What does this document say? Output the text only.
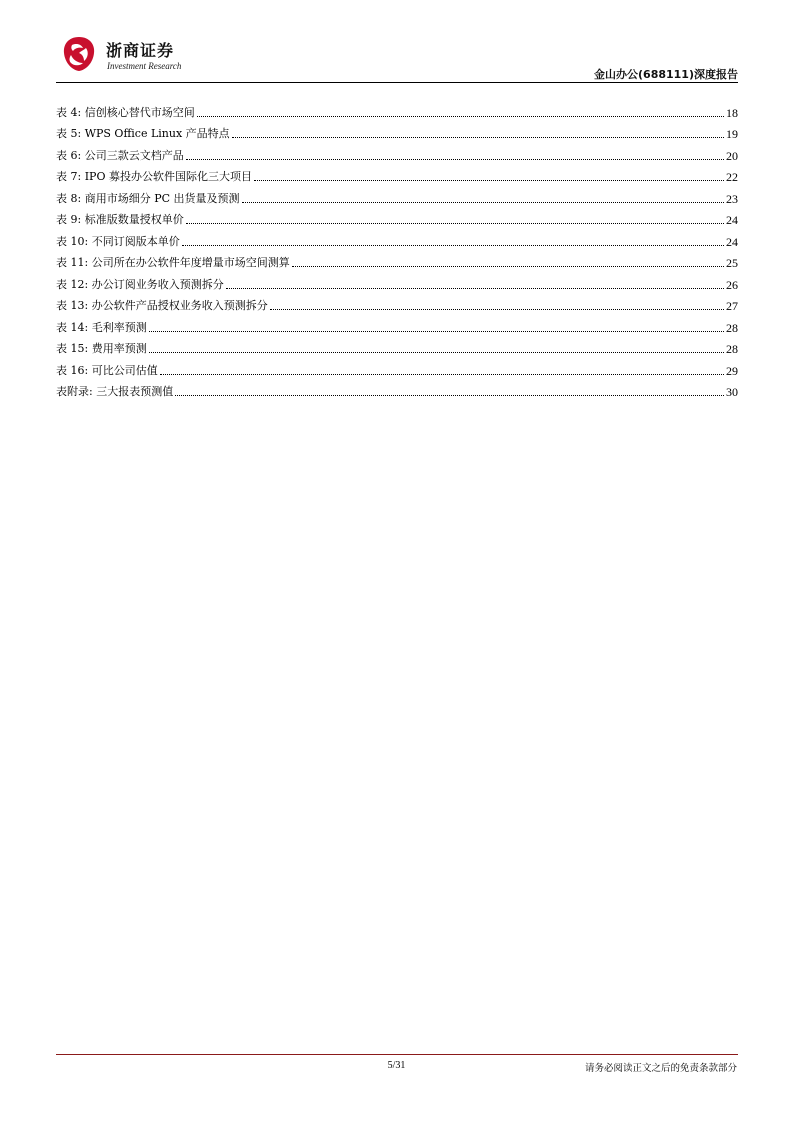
浙商证券
Investment Research
金山办公(688111)深度报告
表 4: 信创核心替代市场空间	18
表 5: WPS Office Linux 产品特点	19
表 6: 公司三款云文档产品	20
表 7: IPO 募投办公软件国际化三大项目	22
表 8: 商用市场细分 PC 出货量及预测	23
表 9: 标准版数量授权单价	24
表 10: 不同订阅版本单价	24
表 11: 公司所在办公软件年度增量市场空间测算	25
表 12: 办公订阅业务收入预测拆分	26
表 13: 办公软件产品授权业务收入预测拆分	27
表 14: 毛利率预测	28
表 15: 费用率预测	28
表 16: 可比公司估值	29
表附录: 三大报表预测值	30
5/31	请务必阅读正文之后的免责条款部分
